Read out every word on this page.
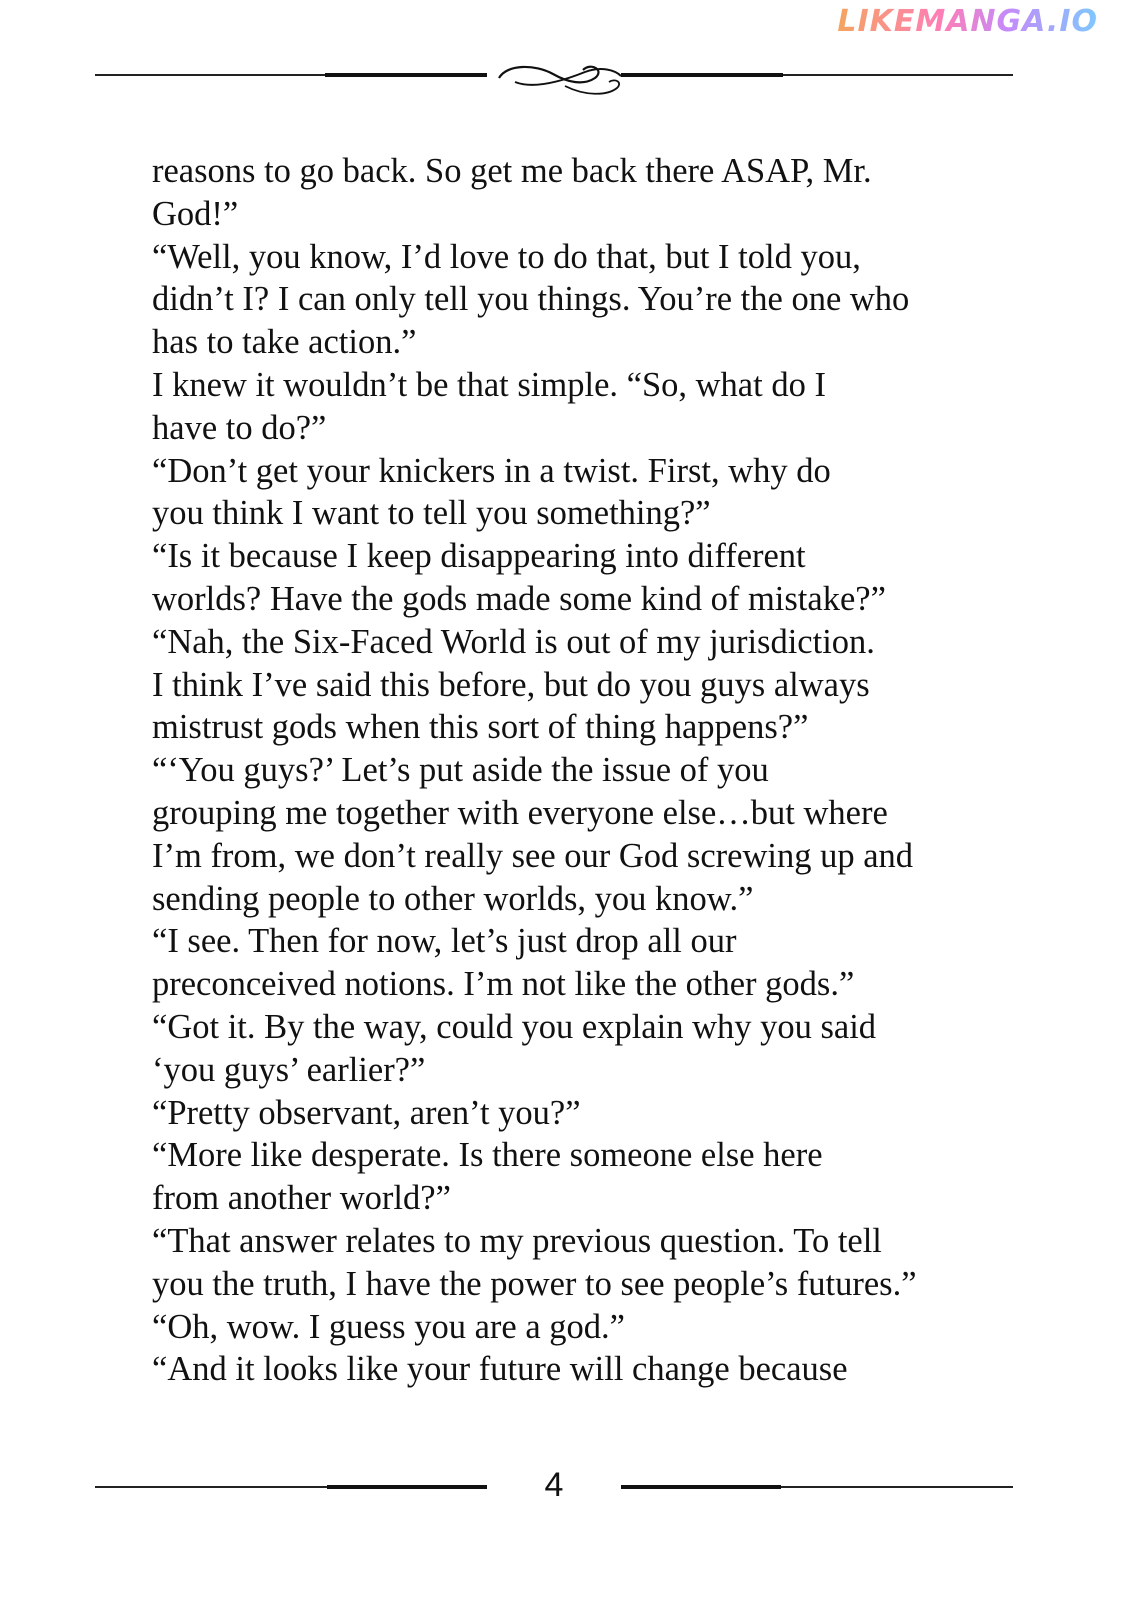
LIKEMANGA.IO

reasons to go back. So get me back there ASAP, Mr.

God!”

“Well, you know, I’d love to do that, but I told you,

didn’t I? I can only tell you things. You’re the one who

has to take action.”

I knew it wouldn’t be that simple. “So, what do I

have to do?”

“Don’t get your knickers in a twist. First, why do

you think I want to tell you something?”

“Is it because I keep disappearing into different

worlds? Have the gods made some kind of mistake?”

“Nah, the Six-Faced World is out of my jurisdiction.

I think I’ve said this before, but do you guys always

mistrust gods when this sort of thing happens?”

“‘You guys?’ Let’s put aside the issue of you

grouping me together with everyone else…but where

I’m from, we don’t really see our God screwing up and

sending people to other worlds, you know.”

“I see. Then for now, let’s just drop all our

preconceived notions. I’m not like the other gods.”

“Got it. By the way, could you explain why you said

‘you guys’ earlier?”

“Pretty observant, aren’t you?”

“More like desperate. Is there someone else here

from another world?”

“That answer relates to my previous question. To tell

you the truth, I have the power to see people’s futures.”

“Oh, wow. I guess you are a god.”

“And it looks like your future will change because

4
